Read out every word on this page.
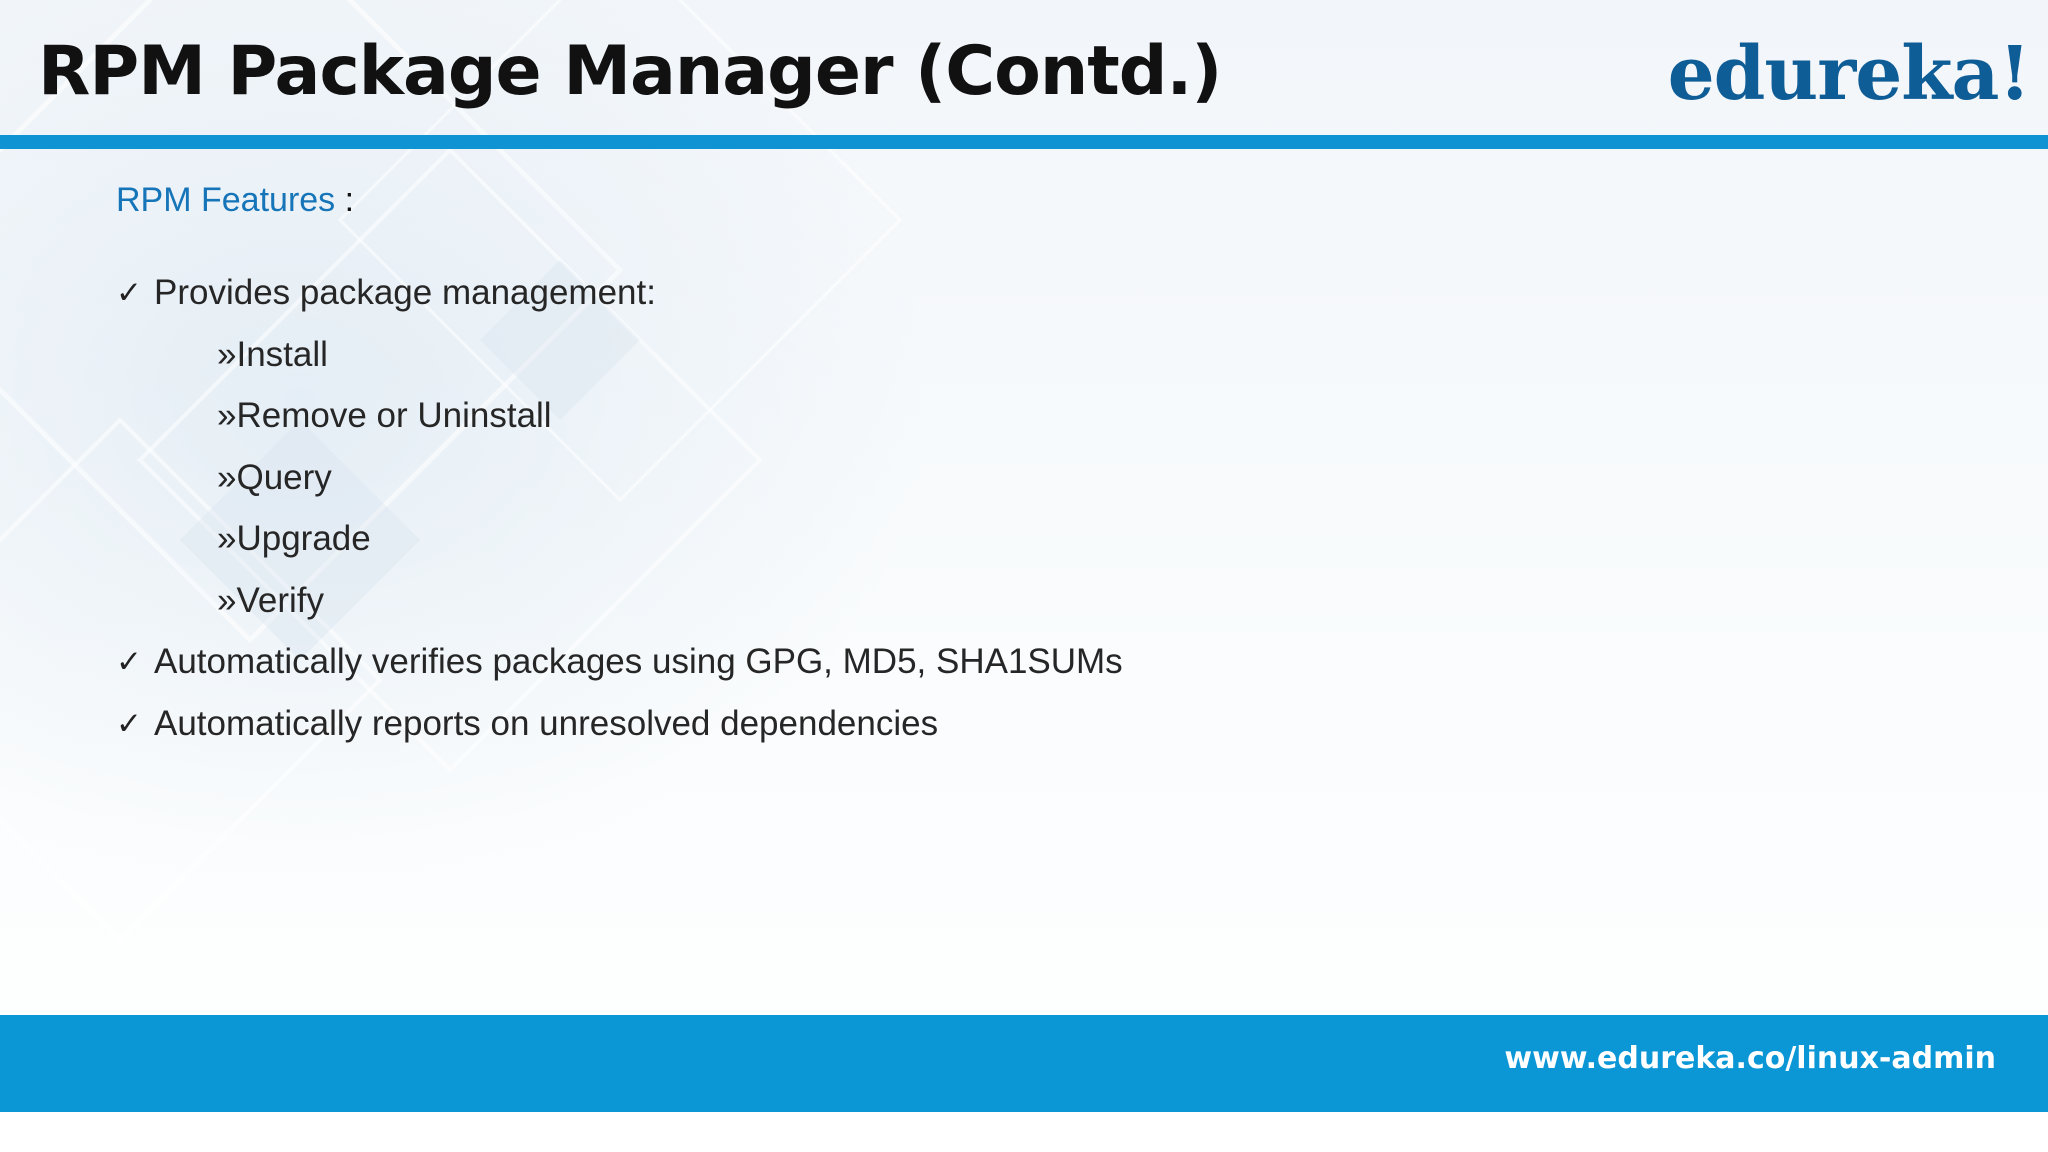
RPM Package Manager (Contd.)	edureka!
RPM Features :
✓ Provides package management:
»Install
»Remove or Uninstall
»Query
»Upgrade
»Verify
✓ Automatically verifies packages using GPG, MD5, SHA1SUMs
✓ Automatically reports on unresolved dependencies
www.edureka.co/linux-admin
